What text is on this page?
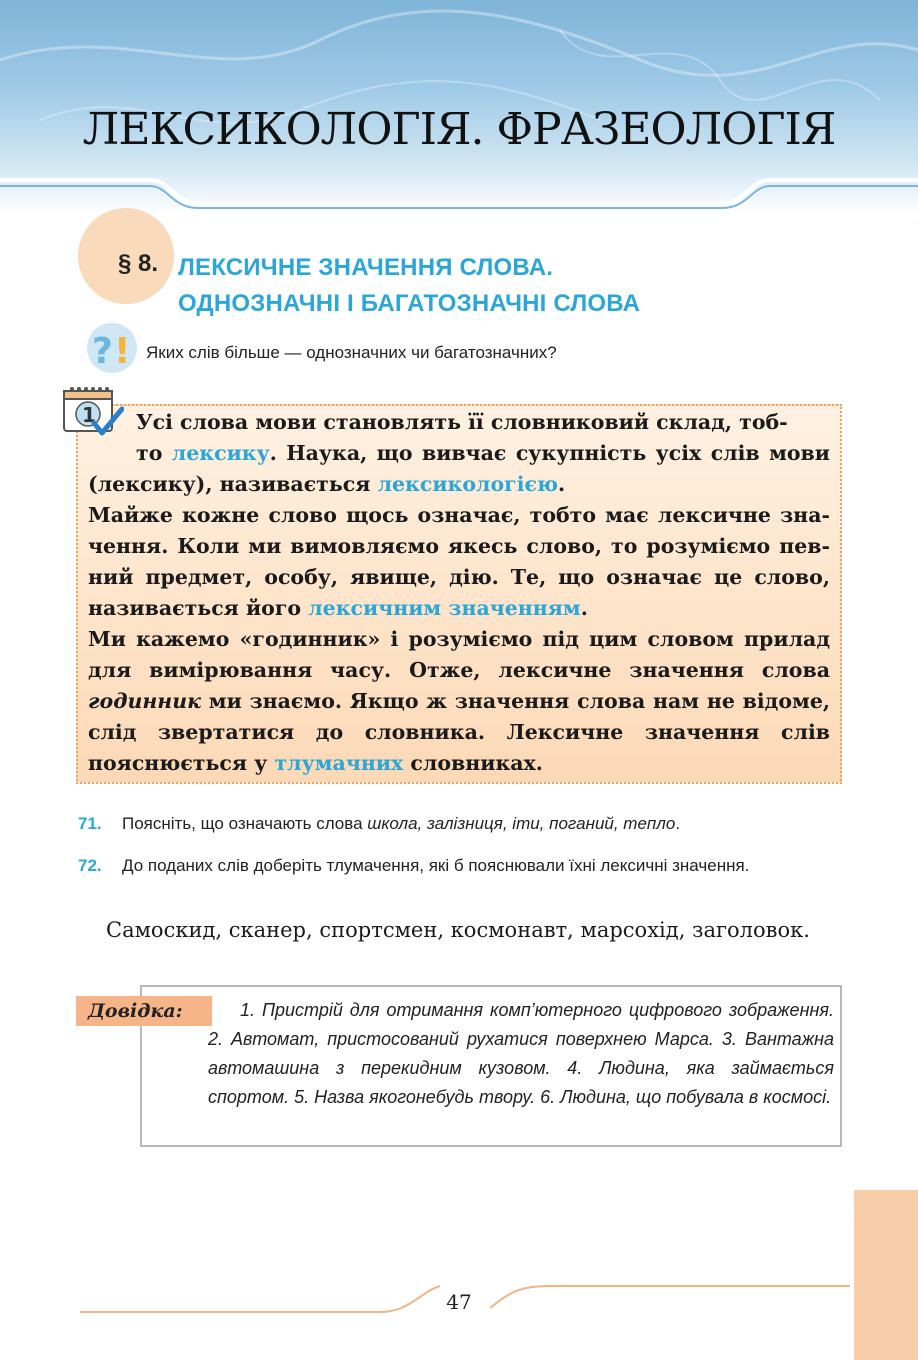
ЛЕКСИКОЛОГІЯ. ФРАЗЕОЛОГІЯ
§ 8. ЛЕКСИЧНЕ ЗНАЧЕННЯ СЛОВА.
ОДНОЗНАЧНІ І БАГАТОЗНАЧНІ СЛОВА
? ! Яких слів більше — однозначних чи багатозначних?
1	Усі слова мови становлять її словниковий склад, тоб-
то лексику. Наука, що вивчає сукупність усіх слів мови (лексику), називається лексикологією.

Майже кожне слово щось означає, тобто має лексичне значення. Коли ми вимовляємо якесь слово, то розуміємо певний предмет, особу, явище, дію. Те, що означає це слово, називається його лексичним значенням.

Ми кажемо «годинник» і розуміємо під цим словом прилад для вимірювання часу. Отже, лексичне значення слова годинник ми знаємо. Якщо ж значення слова нам не відоме, слід звертатися до словника. Лексичне значення слів пояснюється у тлумачних словниках.

71. Поясніть, що означають слова школа, залізниця, іти, поганий, тепло.
72. До поданих слів доберіть тлумачення, які б пояснювали їхні лексичні значення.
Самоскид, сканер, спортсмен, космонавт, марсохід, заголовок.
Довідка:	1. Пристрій для отримання комп’ютерного цифрового зображення. 2. Автомат, пристосований рухатися поверхнею Марса. 3. Вантажна автомашина з перекидним кузовом. 4. Людина, яка займається спортом. 5. Назва якогонебудь твору. 6. Людина, що побувала в космосі.
47
